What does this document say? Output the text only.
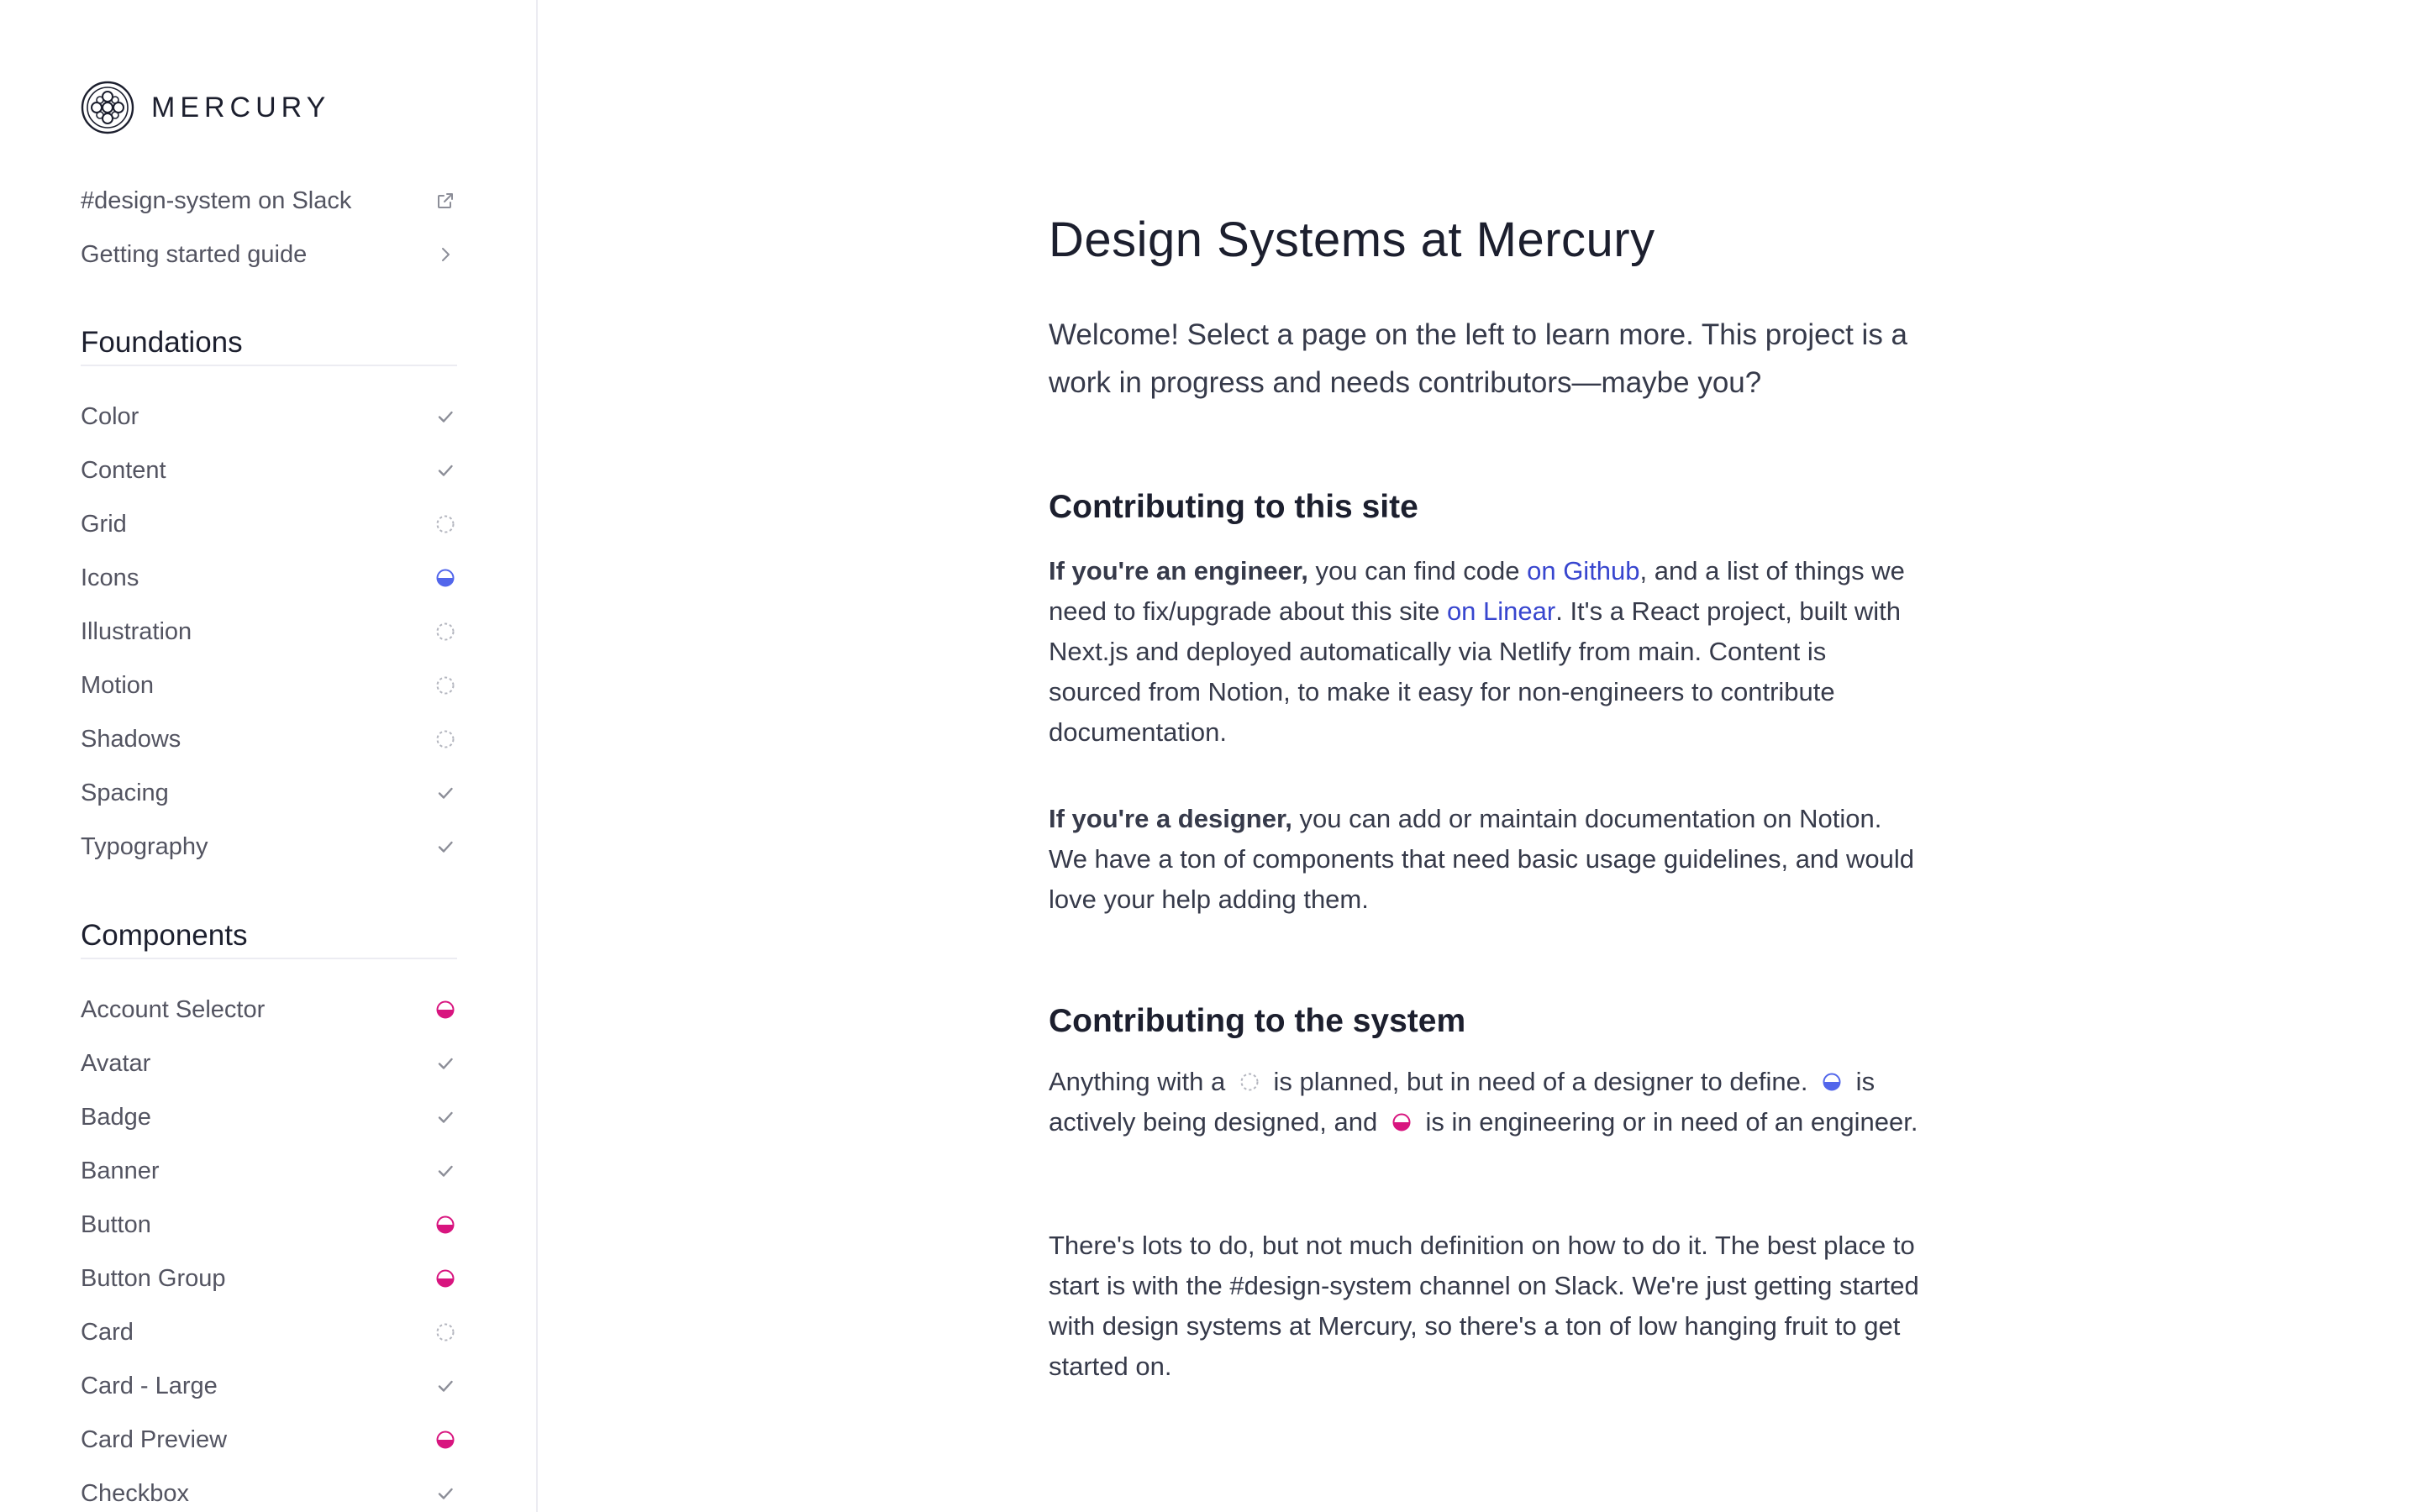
MERCURY
#design-system on Slack
Getting started guide
Foundations
Color
Content
Grid
Icons
Illustration
Motion
Shadows
Spacing
Typography
Components
Account Selector
Avatar
Badge
Banner
Button
Button Group
Card
Card - Large
Card Preview
Checkbox
Design Systems at Mercury

Welcome! Select a page on the left to learn more. This project is a work in progress and needs contributors—maybe you?

Contributing to this site

If you're an engineer, you can find code on Github, and a list of things we need to fix/upgrade about this site on Linear. It's a React project, built with Next.js and deployed automatically via Netlify from main. Content is sourced from Notion, to make it easy for non-engineers to contribute documentation.

If you're a designer, you can add or maintain documentation on Notion. We have a ton of components that need basic usage guidelines, and would love your help adding them.

Contributing to the system

Anything with a  is planned, but in need of a designer to define.  is actively being designed, and  is in engineering or in need of an engineer.

There's lots to do, but not much definition on how to do it. The best place to start is with the #design-system channel on Slack. We're just getting started with design systems at Mercury, so there's a ton of low hanging fruit to get started on.
